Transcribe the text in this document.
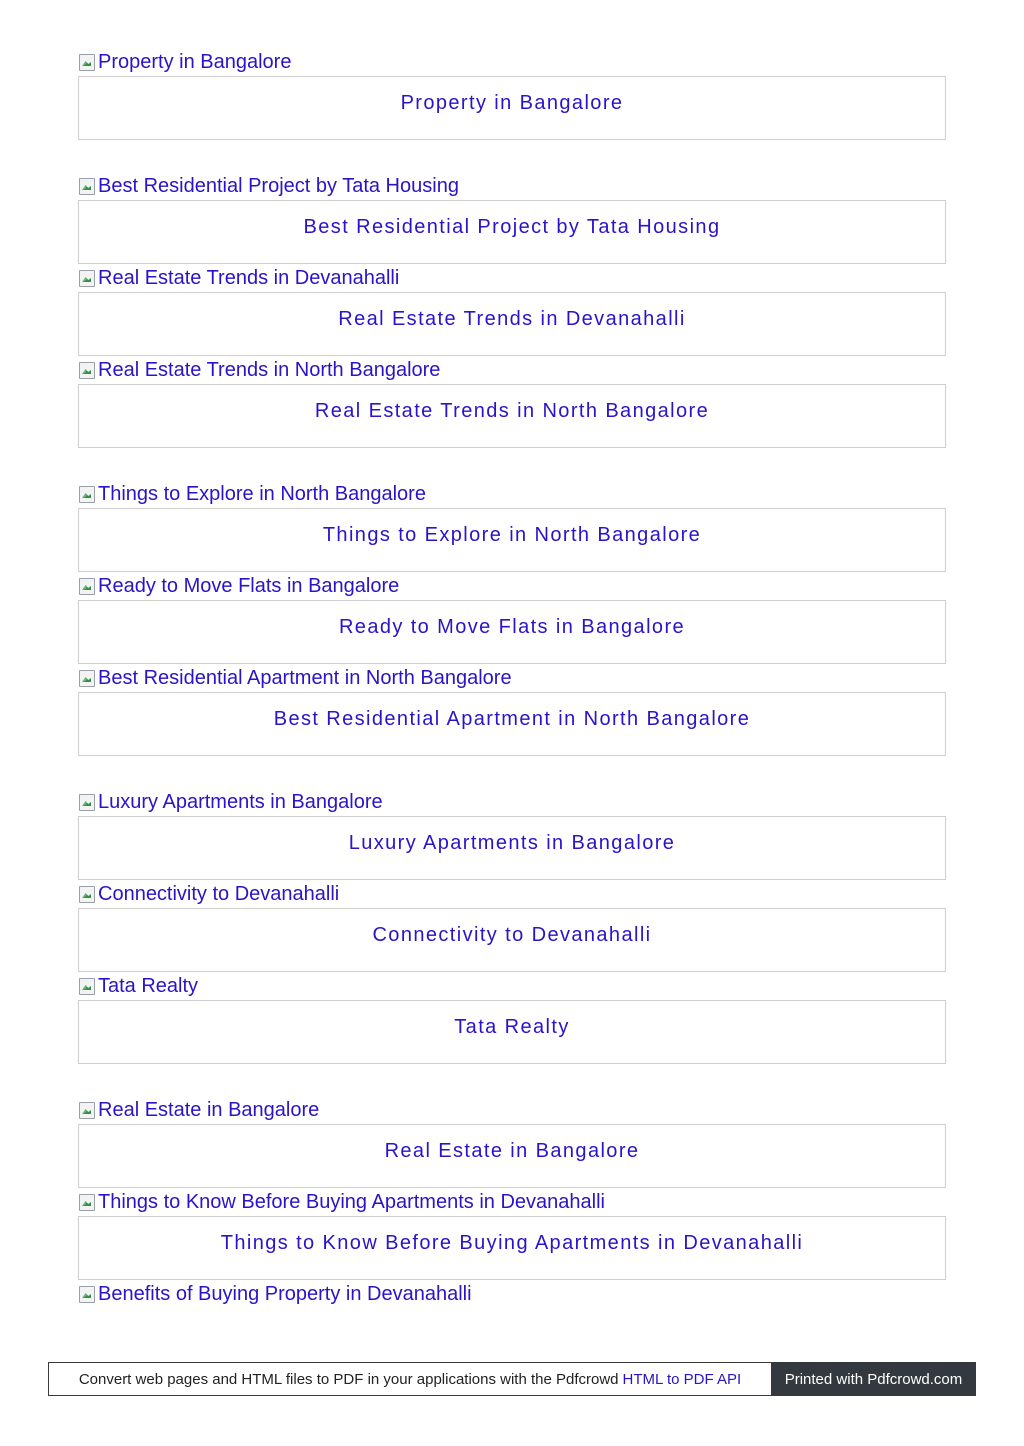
Property in Bangalore
Property in Bangalore
Best Residential Project by Tata Housing
Best Residential Project by Tata Housing
Real Estate Trends in Devanahalli
Real Estate Trends in Devanahalli
Real Estate Trends in North Bangalore
Real Estate Trends in North Bangalore
Things to Explore in North Bangalore
Things to Explore in North Bangalore
Ready to Move Flats in Bangalore
Ready to Move Flats in Bangalore
Best Residential Apartment in North Bangalore
Best Residential Apartment in North Bangalore
Luxury Apartments in Bangalore
Luxury Apartments in Bangalore
Connectivity to Devanahalli
Connectivity to Devanahalli
Tata Realty
Tata Realty
Real Estate in Bangalore
Real Estate in Bangalore
Things to Know Before Buying Apartments in Devanahalli
Things to Know Before Buying Apartments in Devanahalli
Benefits of Buying Property in Devanahalli
Convert web pages and HTML files to PDF in your applications with the Pdfcrowd HTML to PDF API	Printed with Pdfcrowd.com
